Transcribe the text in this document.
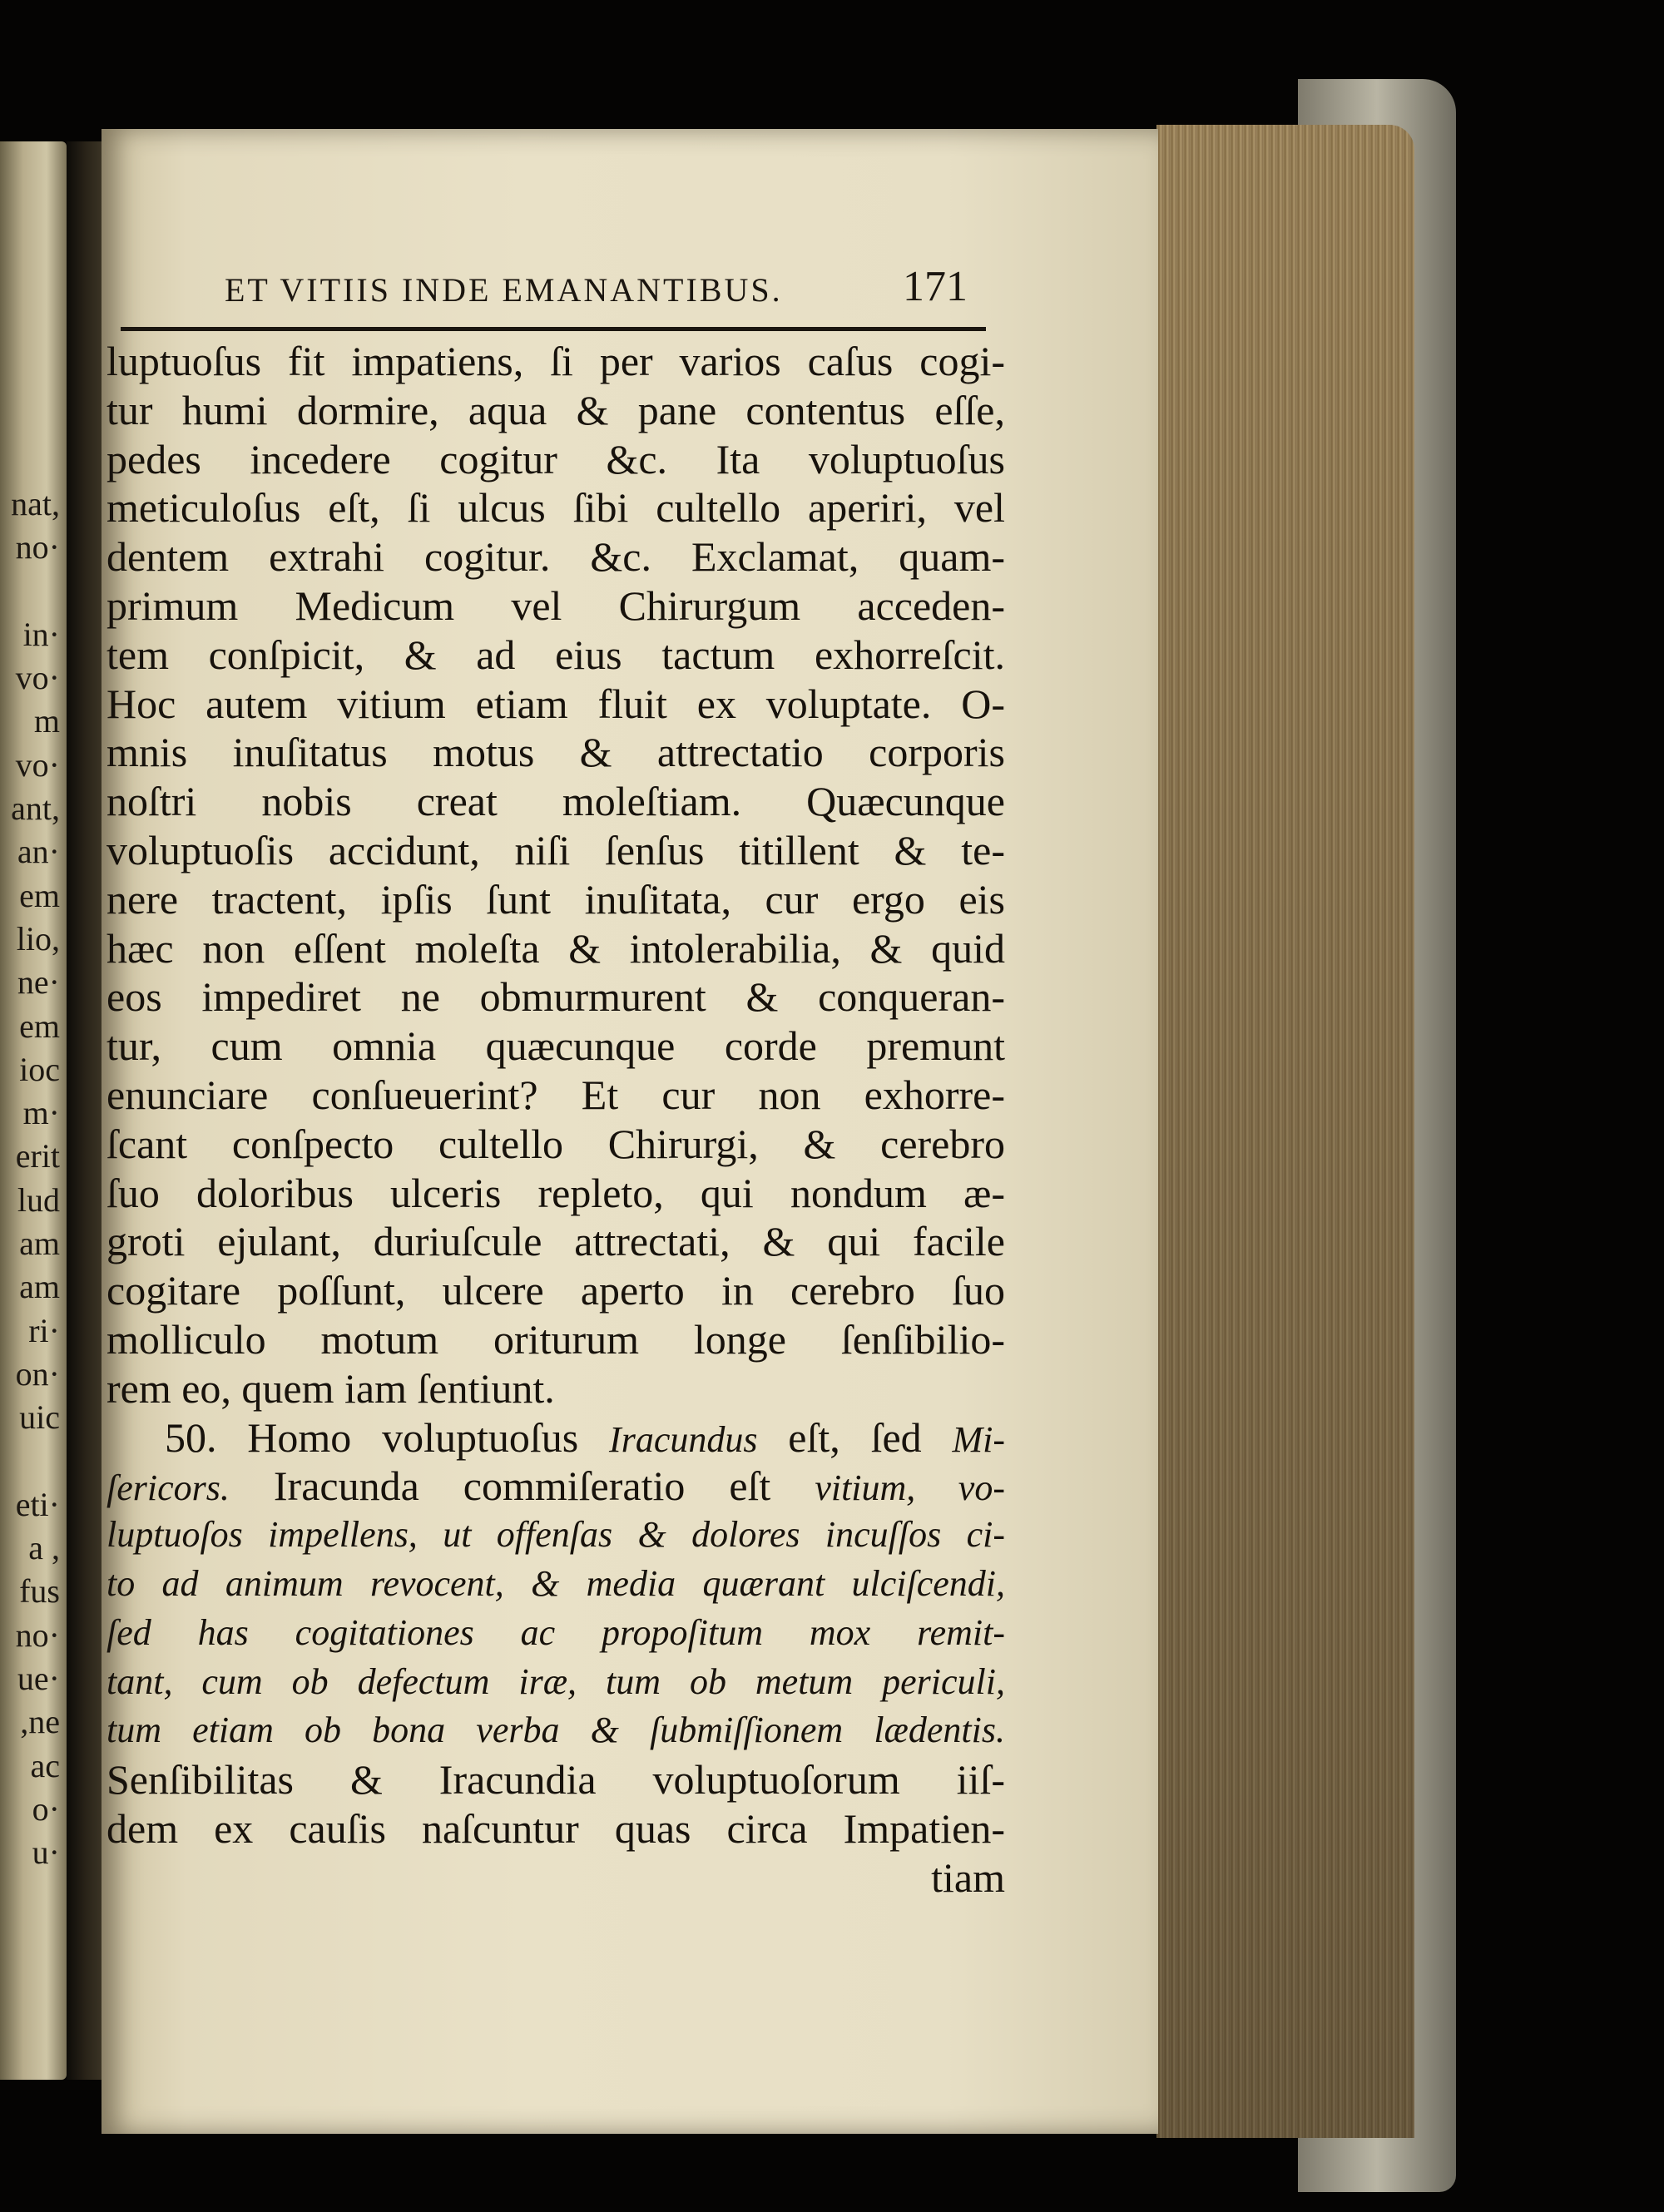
nat,
no·
in·
vo·
m
vo·
ant,
an·
em
lio,
ne·
em
ioc
m·
erit
lud
am
am
ri·
on·
uic
eti·
a ,
fus
no·
ue·
,ne
ac
o·
u·
ET VITIIS INDE EMANANTIBUS.	171
luptuoſus fit impatiens, ſi per varios caſus cogi-
tur humi dormire, aqua & pane contentus eſſe,
pedes incedere cogitur &c. Ita voluptuoſus
meticuloſus eſt, ſi ulcus ſibi cultello aperiri, vel
dentem extrahi cogitur. &c. Exclamat, quam-
primum Medicum vel Chirurgum acceden-
tem conſpicit, & ad eius tactum exhorreſcit.
Hoc autem vitium etiam fluit ex voluptate. O-
mnis inuſitatus motus & attrectatio corporis
noſtri nobis creat moleſtiam. Quæcunque
voluptuoſis accidunt, niſi ſenſus titillent & te-
nere tractent, ipſis ſunt inuſitata, cur ergo eis
hæc non eſſent moleſta & intolerabilia, & quid
eos impediret ne obmurmurent & conqueran-
tur, cum omnia quæcunque corde premunt
enunciare conſueuerint? Et cur non exhorre-
ſcant conſpecto cultello Chirurgi, & cerebro
ſuo doloribus ulceris repleto, qui nondum æ-
groti ejulant, duriuſcule attrectati, & qui facile
cogitare poſſunt, ulcere aperto in cerebro ſuo
molliculo motum oriturum longe ſenſibilio-
rem eo, quem iam ſentiunt.
50. Homo voluptuoſus Iracundus eſt, ſed Mi-
ſericors. Iracunda commiſeratio eſt vitium, vo-
luptuoſos impellens, ut offenſas & dolores incuſſos ci-
to ad animum revocent, & media quærant ulciſcendi,
ſed has cogitationes ac propoſitum mox remit-
tant, cum ob defectum iræ, tum ob metum periculi,
tum etiam ob bona verba & ſubmiſſionem lædentis.
Senſibilitas & Iracundia voluptuoſorum iiſ-
dem ex cauſis naſcuntur quas circa Impatien-
tiam
